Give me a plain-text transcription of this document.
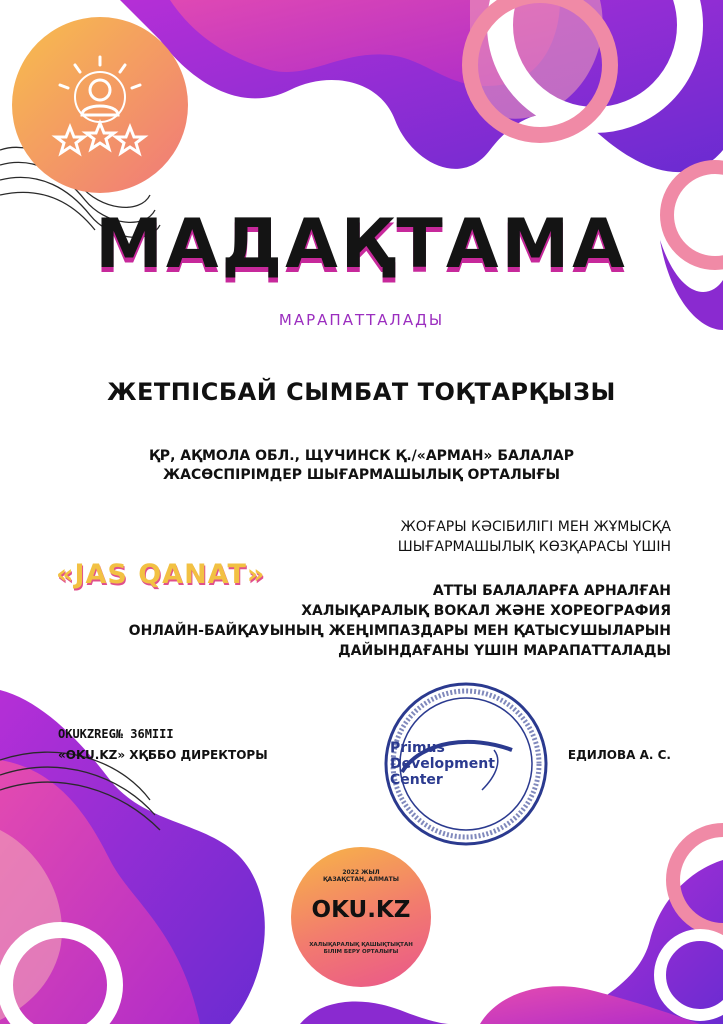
МАДАҚТАМА
МАРАПАТТАЛАДЫ
ЖЕТПІСБАЙ СЫМБАТ ТОҚТАРҚЫЗЫ
ҚР, АҚМОЛА ОБЛ., ЩУЧИНСК Қ./«АРМАН» БАЛАЛАР
ЖАСӨСПІРІМДЕР ШЫҒАРМАШЫЛЫҚ ОРТАЛЫҒЫ
ЖОҒАРЫ КӘСІБИЛІГІ МЕН ЖҰМЫСҚА
ШЫҒАРМАШЫЛЫҚ КӨЗҚАРАСЫ ҮШІН
«JAS QANAT»
АТТЫ БАЛАЛАРҒА АРНАЛҒАН
ХАЛЫҚАРАЛЫҚ ВОКАЛ ЖӘНЕ ХОРЕОГРАФИЯ
ОНЛАЙН-БАЙҚАУЫНЫҢ ЖЕҢІМПАЗДАРЫ МЕН ҚАТЫСУШЫЛАРЫН
ДАЙЫНДАҒАНЫ ҮШІН МАРАПАТТАЛАДЫ
OKUKZREG№ 36MIII
«OKU.KZ» ХҚББО ДИРЕКТОРЫ	ЕДИЛОВА А. С.
Primus
Development
Center
2022 ЖЫЛ
ҚАЗАҚСТАН, АЛМАТЫ
OKU.KZ
ХАЛЫҚАРАЛЫҚ ҚАШЫҚТЫҚТАН
БІЛІМ БЕРУ ОРТАЛЫҒЫ
